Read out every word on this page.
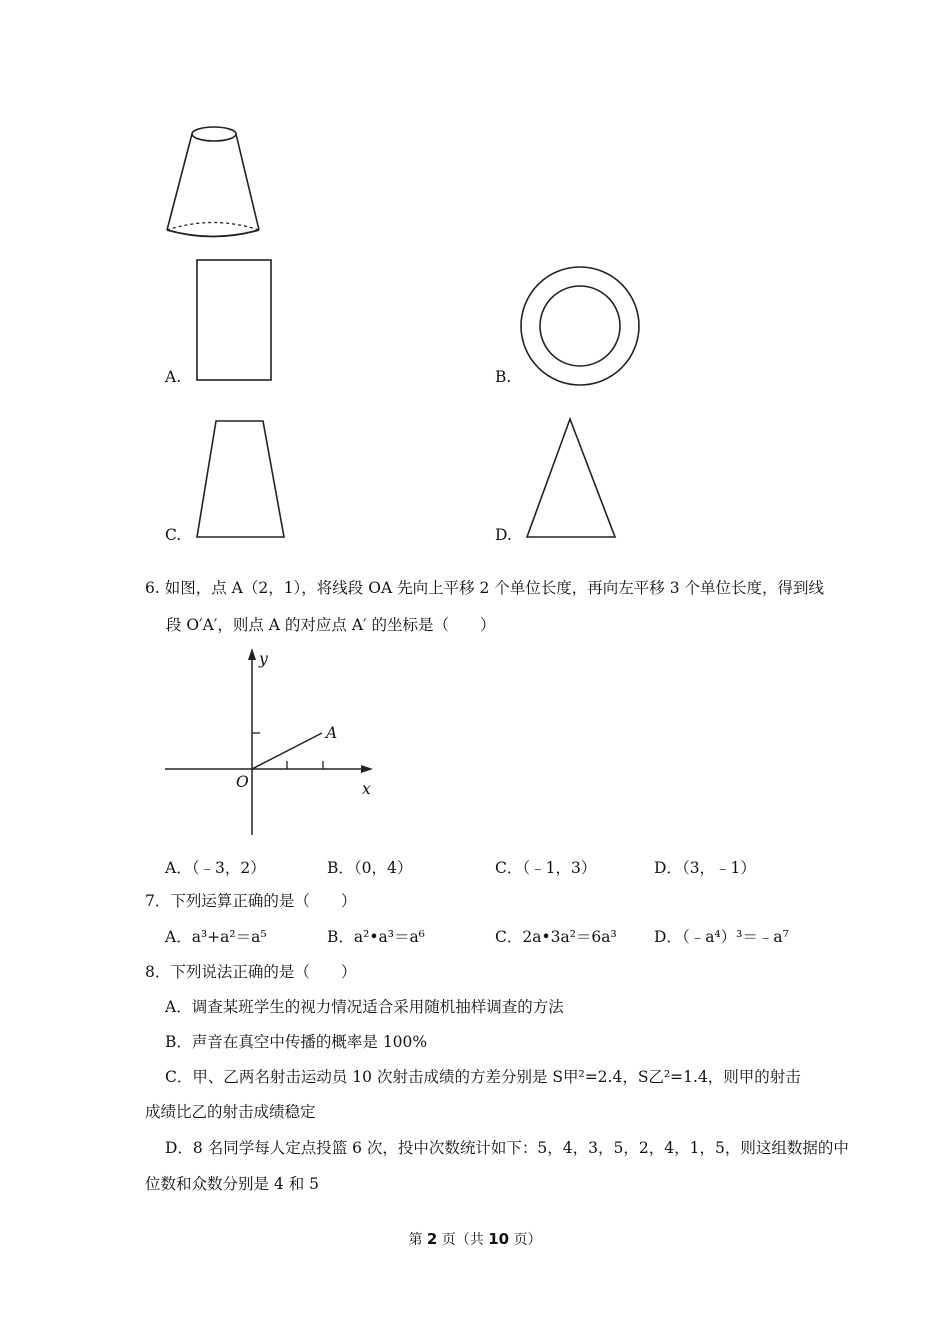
A.	B.
C.	D.
6. 如图，点 A（2，1），将线段 OA 先向上平移 2 个单位长度，再向左平移 3 个单位长度，得到线
段 O′A′，则点 A 的对应点 A′ 的坐标是（　　）
y
x
O
A
A．（﹣3，2）	B．（0，4）	C．（﹣1，3）	D．（3，﹣1）
7．下列运算正确的是（　　）
A．a³+a²＝a⁵	B．a²•a³＝a⁶	C．2a•3a²＝6a³ D．（﹣a⁴）³＝﹣a⁷
8．下列说法正确的是（　　）
A．调查某班学生的视力情况适合采用随机抽样调查的方法
B．声音在真空中传播的概率是 100%
C．甲、乙两名射击运动员 10 次射击成绩的方差分别是 S甲²=2.4，S乙²=1.4，则甲的射击
成绩比乙的射击成绩稳定
D．8 名同学每人定点投篮 6 次，投中次数统计如下：5，4，3，5，2，4，1，5，则这组数据的中
位数和众数分别是 4 和 5
第 2 页（共 10 页）
